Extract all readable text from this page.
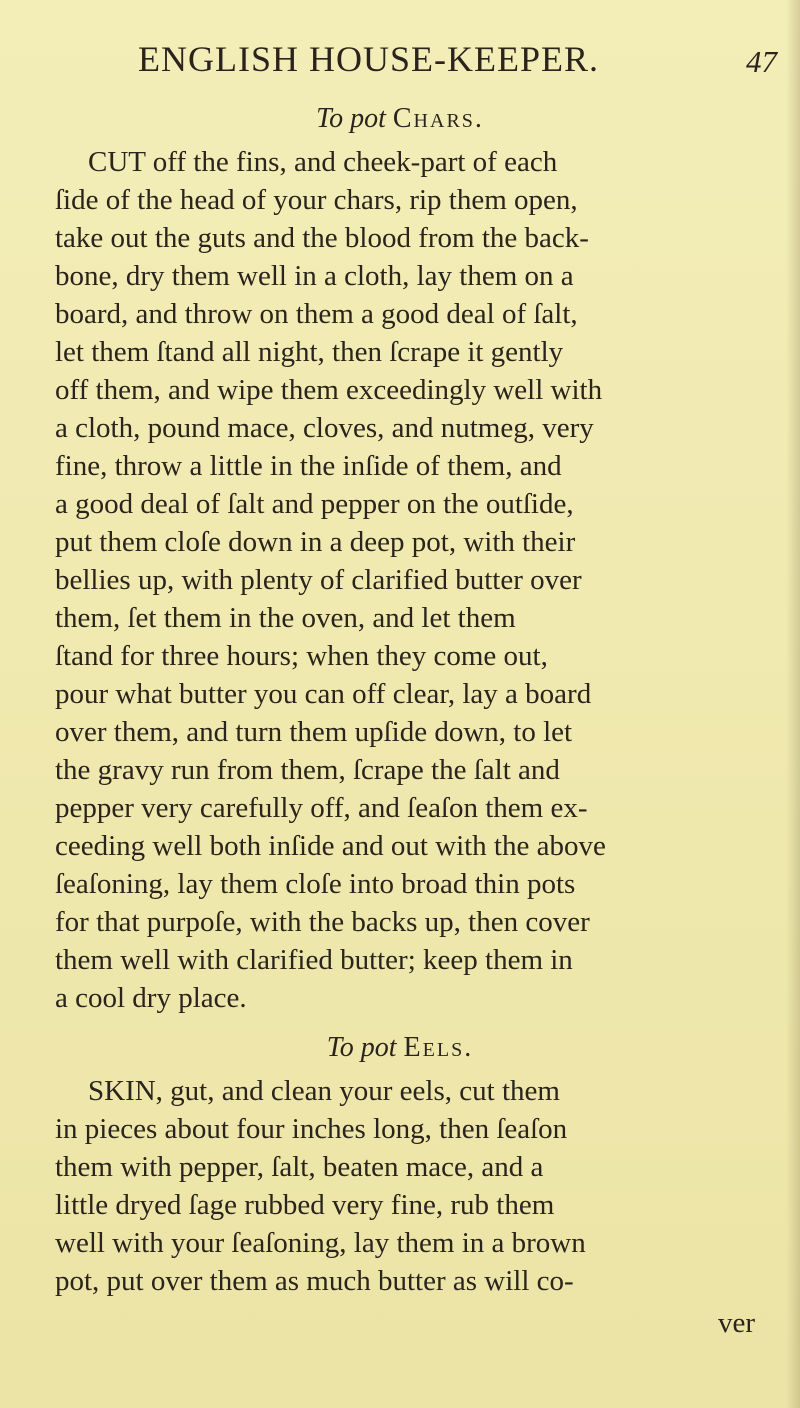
ENGLISH HOUSE-KEEPER.	47
To pot Chars.
CUT off the fins, and cheek-part of each
ſide of the head of your chars, rip them open,
take out the guts and the blood from the back-
bone, dry them well in a cloth, lay them on a
board, and throw on them a good deal of ſalt,
let them ſtand all night, then ſcrape it gently
off them, and wipe them exceedingly well with
a cloth, pound mace, cloves, and nutmeg, very
fine, throw a little in the inſide of them, and
a good deal of ſalt and pepper on the outſide,
put them cloſe down in a deep pot, with their
bellies up, with plenty of clarified butter over
them, ſet them in the oven, and let them
ſtand for three hours; when they come out,
pour what butter you can off clear, lay a board
over them, and turn them upſide down, to let
the gravy run from them, ſcrape the ſalt and
pepper very carefully off, and ſeaſon them ex-
ceeding well both inſide and out with the above
ſeaſoning, lay them cloſe into broad thin pots
for that purpoſe, with the backs up, then cover
them well with clarified butter; keep them in
a cool dry place.
To pot Eels.
SKIN, gut, and clean your eels, cut them
in pieces about four inches long, then ſeaſon
them with pepper, ſalt, beaten mace, and a
little dryed ſage rubbed very fine, rub them
well with your ſeaſoning, lay them in a brown
pot, put over them as much butter as will co-
ver
